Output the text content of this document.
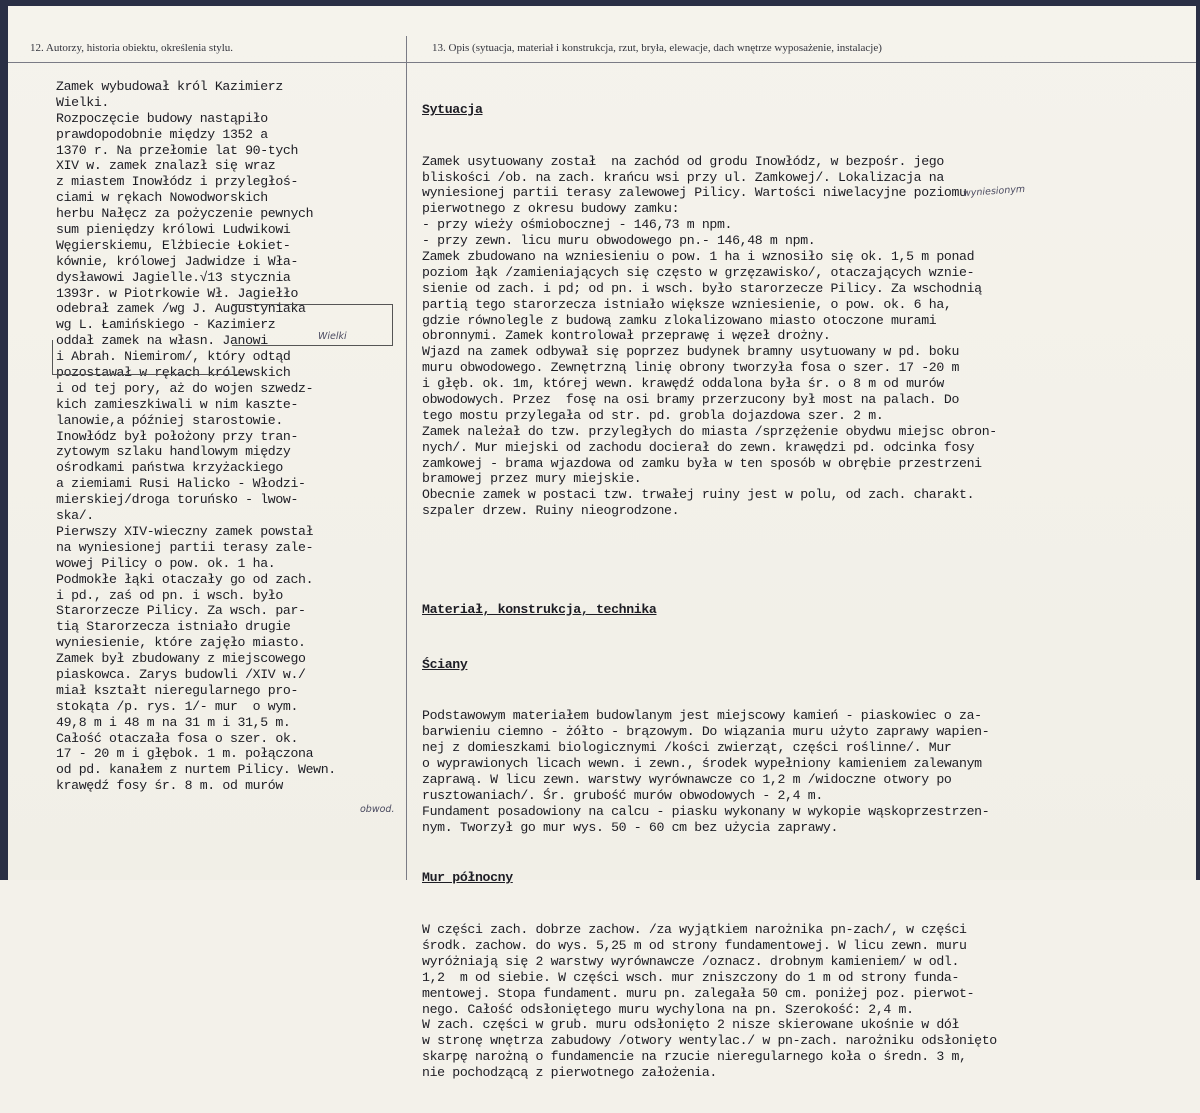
12. Autorzy, historia obiektu, określenia stylu.	13. Opis (sytuacja, materiał i konstrukcja, rzut, bryła, elewacje, dach wnętrze wyposażenie, instalacje)
Zamek wybudował król Kazimierz
Wielki.
Rozpoczęcie budowy nastąpiło
prawdopodobnie między 1352 a
1370 r. Na przełomie lat 90-tych
XIV w. zamek znalazł się wraz
z miastem Inowłódz i przyległoś-
ciami w rękach Nowodworskich
herbu Nałęcz za pożyczenie pewnych
sum pieniędzy królowi Ludwikowi
Węgierskiemu, Elżbiecie Łokiet-
kównie, królowej Jadwidze i Wła-
dysławowi Jagielle.√13 stycznia
1393r. w Piotrkowie Wł. Jagiełło
odebrał zamek /wg J. Augustyniaka
wg L. Łamińskiego - Kazimierz
oddał zamek na własn. Janowi
i Abrah. Niemirom/, który odtąd
pozostawał w rękach królewskich
i od tej pory, aż do wojen szwedz-
kich zamieszkiwali w nim kaszte-
lanowie,a później starostowie.
Inowłódz był położony przy tran-
zytowym szlaku handlowym między
ośrodkami państwa krzyżackiego
a ziemiami Rusi Halicko - Włodzi-
mierskiej/droga toruńsko - lwow-
ska/.
Pierwszy XIV-wieczny zamek powstał
na wyniesionej partii terasy zale-
wowej Pilicy o pow. ok. 1 ha.
Podmokłe łąki otaczały go od zach.
i pd., zaś od pn. i wsch. było
Starorzecze Pilicy. Za wsch. par-
tią Starorzecza istniało drugie
wyniesienie, które zajęło miasto.
Zamek był zbudowany z miejscowego
piaskowca. Zarys budowli /XIV w./
miał kształt nieregularnego pro-
stokąta /p. rys. 1/- mur  o wym.
49,8 m i 48 m na 31 m i 31,5 m.
Całość otaczała fosa o szer. ok.
17 - 20 m i głębok. 1 m. połączona
od pd. kanałem z nurtem Pilicy. Wewn.
krawędź fosy śr. 8 m. od murów
Wielki
obwod.

Sytuacja

Zamek usytuowany został  na zachód od grodu Inowłódz, w bezpośr. jego
bliskości /ob. na zach. krańcu wsi przy ul. Zamkowej/. Lokalizacja na
wyniesionej partii terasy zalewowej Pilicy. Wartości niwelacyjne poziomu
pierwotnego z okresu budowy zamku:
- przy wieży ośmiobocznej - 146,73 m npm.
- przy zewn. licu muru obwodowego pn.- 146,48 m npm.
Zamek zbudowano na wzniesieniu o pow. 1 ha i wznosiło się ok. 1,5 m ponad
poziom łąk /zamieniających się często w grzęzawisko/, otaczających wznie-
sienie od zach. i pd; od pn. i wsch. było starorzecze Pilicy. Za wschodnią
partią tego starorzecza istniało większe wzniesienie, o pow. ok. 6 ha,
gdzie równolegle z budową zamku zlokalizowano miasto otoczone murami
obronnymi. Zamek kontrolował przeprawę i węzeł drożny.
Wjazd na zamek odbywał się poprzez budynek bramny usytuowany w pd. boku
muru obwodowego. Zewnętrzną linię obrony tworzyła fosa o szer. 17 -20 m
i głęb. ok. 1m, której wewn. krawędź oddalona była śr. o 8 m od murów
obwodowych. Przez  fosę na osi bramy przerzucony był most na palach. Do
tego mostu przylegała od str. pd. grobla dojazdowa szer. 2 m.
Zamek należał do tzw. przyległych do miasta /sprzężenie obydwu miejsc obron-
nych/. Mur miejski od zachodu docierał do zewn. krawędzi pd. odcinka fosy
zamkowej - brama wjazdowa od zamku była w ten sposób w obrębie przestrzeni
bramowej przez mury miejskie.
Obecnie zamek w postaci tzw. trwałej ruiny jest w polu, od zach. charakt.
szpaler drzew. Ruiny nieogrodzone.

Materiał, konstrukcja, technika

Ściany

Podstawowym materiałem budowlanym jest miejscowy kamień - piaskowiec o za-
barwieniu ciemno - żółto - brązowym. Do wiązania muru użyto zaprawy wapien-
nej z domieszkami biologicznymi /kości zwierząt, części roślinne/. Mur
o wyprawionych licach wewn. i zewn., środek wypełniony kamieniem zalewanym
zaprawą. W licu zewn. warstwy wyrównawcze co 1,2 m /widoczne otwory po
rusztowaniach/. Śr. grubość murów obwodowych - 2,4 m.
Fundament posadowiony na calcu - piasku wykonany w wykopie wąskoprzestrzen-
nym. Tworzył go mur wys. 50 - 60 cm bez użycia zaprawy.

Mur północny

W części zach. dobrze zachow. /za wyjątkiem narożnika pn-zach/, w części
środk. zachow. do wys. 5,25 m od strony fundamentowej. W licu zewn. muru
wyróżniają się 2 warstwy wyrównawcze /oznacz. drobnym kamieniem/ w odl.
1,2  m od siebie. W części wsch. mur zniszczony do 1 m od strony funda-
mentowej. Stopa fundament. muru pn. zalegała 50 cm. poniżej poz. pierwot-
nego. Całość odsłoniętego muru wychylona na pn. Szerokość: 2,4 m.
W zach. części w grub. muru odsłonięto 2 nisze skierowane ukośnie w dół
w stronę wnętrza zabudowy /otwory wentylac./ w pn-zach. narożniku odsłonięto
skarpę narożną o fundamencie na rzucie nieregularnego koła o średn. 3 m,
nie pochodzącą z pierwotnego założenia.

wyniesionym
